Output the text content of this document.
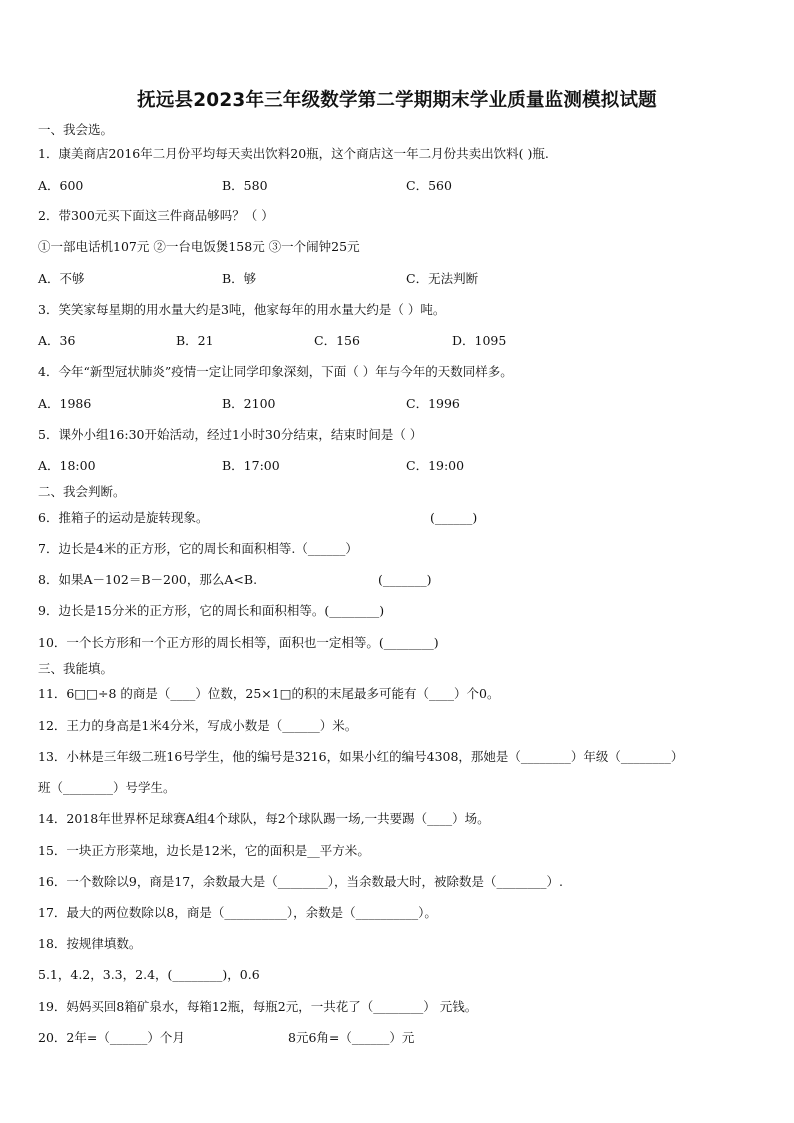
抚远县2023年三年级数学第二学期期末学业质量监测模拟试题
一、我会选。
1．康美商店2016年二月份平均每天卖出饮料20瓶，这个商店这一年二月份共卖出饮料( )瓶.
A．600	B．580	C．560
2．带300元买下面这三件商品够吗？（ ）
①一部电话机107元 ②一台电饭煲158元 ③一个闹钟25元
A．不够	B．够	C．无法判断
3．笑笑家每星期的用水量大约是3吨，他家每年的用水量大约是（ ）吨。
A．36	B．21	C．156	D．1095
4．今年“新型冠状肺炎”疫情一定让同学印象深刻，下面（ ）年与今年的天数同样多。
A．1986	B．2100	C．1996
5．课外小组16:30开始活动，经过1小时30分结束，结束时间是（ ）
A．18:00	B．17:00	C．19:00
二、我会判断。
6．推箱子的运动是旋转现象。	(______)
7．边长是4米的正方形，它的周长和面积相等.（______）
8．如果A－102＝B－200，那么A<B.	(_______)
9．边长是15分米的正方形，它的周长和面积相等。(________)
10．一个长方形和一个正方形的周长相等，面积也一定相等。(________)
三、我能填。
11．6□□÷8 的商是（____）位数，25×1□的积的末尾最多可能有（____）个0。
12．王力的身高是1米4分米，写成小数是（______）米。
13．小林是三年级二班16号学生，他的编号是3216，如果小红的编号4308，那她是（________）年级（________）
班（________）号学生。
14．2018年世界杯足球赛A组4个球队，每2个球队踢一场,一共要踢（____）场。
15．一块正方形菜地，边长是12米，它的面积是__平方米。
16．一个数除以9，商是17，余数最大是（________），当余数最大时，被除数是（________）.
17．最大的两位数除以8，商是（__________），余数是（__________）。
18．按规律填数。
5.1，4.2，3.3，2.4，(________)，0.6
19．妈妈买回8箱矿泉水，每箱12瓶，每瓶2元，一共花了（________） 元钱。
20．2年=（______）个月	8元6角=（______）元
